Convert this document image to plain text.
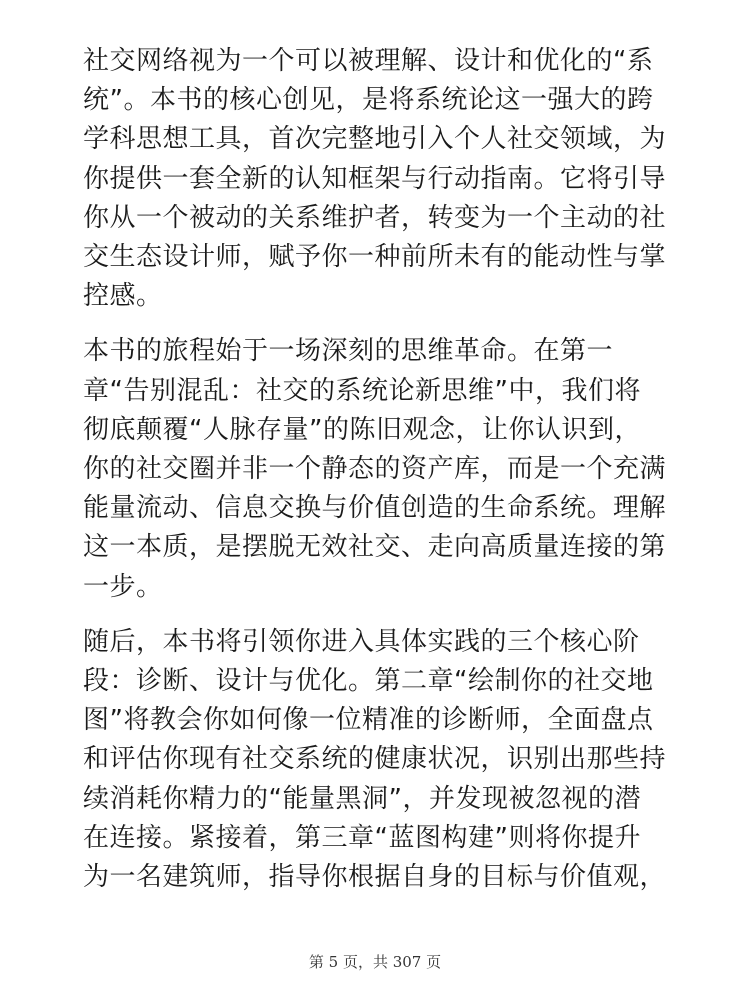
社交网络视为一个可以被理解、设计和优化的“系
统”。本书的核心创见，是将系统论这一强大的跨
学科思想工具，首次完整地引入个人社交领域，为
你提供一套全新的认知框架与行动指南。它将引导
你从一个被动的关系维护者，转变为一个主动的社
交生态设计师，赋予你一种前所未有的能动性与掌
控感。

本书的旅程始于一场深刻的思维革命。在第一
章“告别混乱：社交的系统论新思维”中，我们将
彻底颠覆“人脉存量”的陈旧观念，让你认识到，
你的社交圈并非一个静态的资产库，而是一个充满
能量流动、信息交换与价值创造的生命系统。理解
这一本质，是摆脱无效社交、走向高质量连接的第
一步。

随后，本书将引领你进入具体实践的三个核心阶
段：诊断、设计与优化。第二章“绘制你的社交地
图”将教会你如何像一位精准的诊断师，全面盘点
和评估你现有社交系统的健康状况，识别出那些持
续消耗你精力的“能量黑洞”，并发现被忽视的潜
在连接。紧接着，第三章“蓝图构建”则将你提升
为一名建筑师，指导你根据自身的目标与价值观，

第 5 页，共 307 页
